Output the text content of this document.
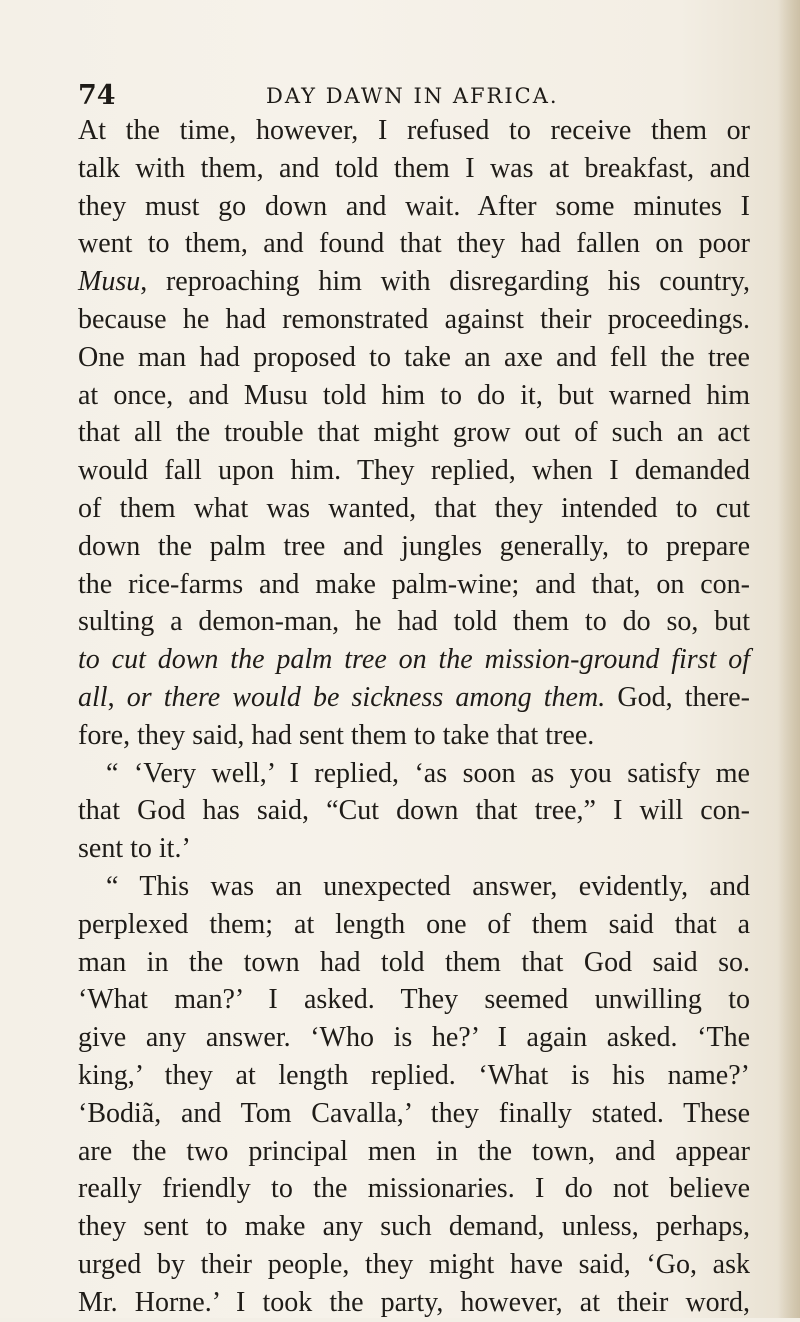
74	DAY DAWN IN AFRICA.
At the time, however, I refused to receive them or
talk with them, and told them I was at breakfast, and
they must go down and wait. After some minutes I
went to them, and found that they had fallen on poor
Musu, reproaching him with disregarding his country,
because he had remonstrated against their proceedings.
One man had proposed to take an axe and fell the tree
at once, and Musu told him to do it, but warned him
that all the trouble that might grow out of such an act
would fall upon him. They replied, when I demanded
of them what was wanted, that they intended to cut
down the palm tree and jungles generally, to prepare
the rice-farms and make palm-wine; and that, on con-
sulting a demon-man, he had told them to do so, but
to cut down the palm tree on the mission-ground first of
all, or there would be sickness among them. God, there-
fore, they said, had sent them to take that tree.
“ ‘Very well,’ I replied, ‘as soon as you satisfy me
that God has said, “Cut down that tree,” I will con-
sent to it.’
“ This was an unexpected answer, evidently, and
perplexed them; at length one of them said that a
man in the town had told them that God said so.
‘What man?’ I asked. They seemed unwilling to
give any answer. ‘Who is he?’ I again asked. ‘The
king,’ they at length replied. ‘What is his name?’
‘Bodiã, and Tom Cavalla,’ they finally stated. These
are the two principal men in the town, and appear
really friendly to the missionaries. I do not believe
they sent to make any such demand, unless, perhaps,
urged by their people, they might have said, ‘Go, ask
Mr. Horne.’ I took the party, however, at their word,
